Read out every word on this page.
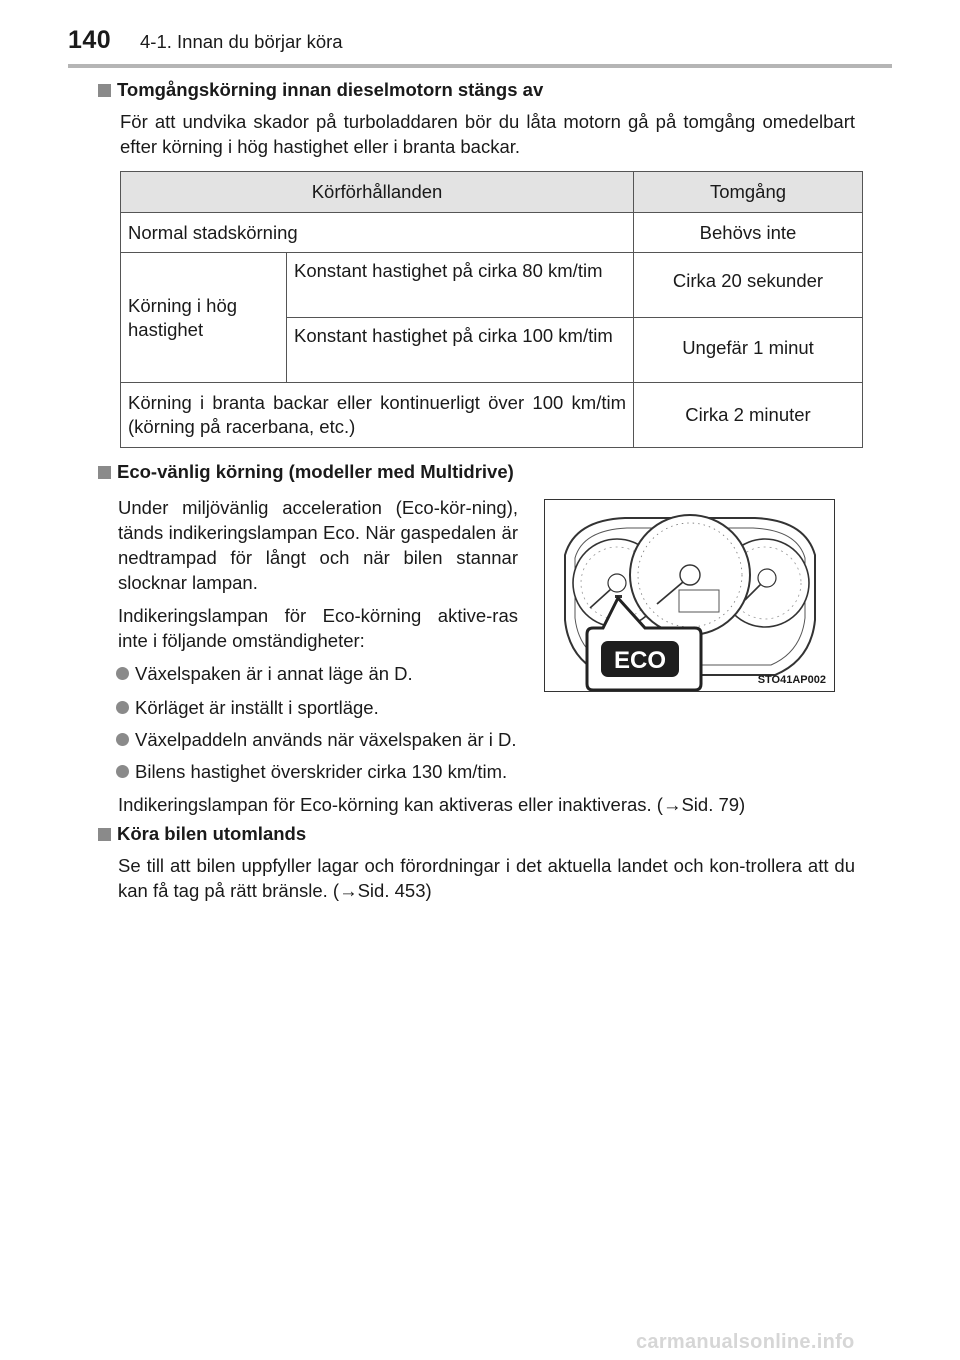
140 4-1. Innan du börjar köra
Tomgångskörning innan dieselmotorn stängs av
För att undvika skador på turboladdaren bör du låta motorn gå på tomgång omedelbart efter körning i hög hastighet eller i branta backar.
Körförhållanden		Tomgång
Normal stadskörning		Behövs inte
Körning i hög hastighet	Konstant hastighet på cirka 80 km/tim	Cirka 20 sekunder
	Konstant hastighet på cirka 100 km/tim	Ungefär 1 minut
Körning i branta backar eller kontinuerligt över 100 km/tim (körning på racerbana, etc.)		Cirka 2 minuter
Eco-vänlig körning (modeller med Multidrive)
Under miljövänlig acceleration (Eco-kör-ning), tänds indikeringslampan Eco. När gaspedalen är nedtrampad för långt och när bilen stannar slocknar lampan.
Indikeringslampan för Eco-körning aktive-ras inte i följande omständigheter:
Växelspaken är i annat läge än D.
Körläget är inställt i sportläge.
Växelpaddeln används när växelspaken är i D.
Bilens hastighet överskrider cirka 130 km/tim.
Indikeringslampan för Eco-körning kan aktiveras eller inaktiveras. (→Sid. 79)
ECO
STO41AP002
Köra bilen utomlands
Se till att bilen uppfyller lagar och förordningar i det aktuella landet och kon-trollera att du kan få tag på rätt bränsle. (→Sid. 453)
carmanualsonline.info
